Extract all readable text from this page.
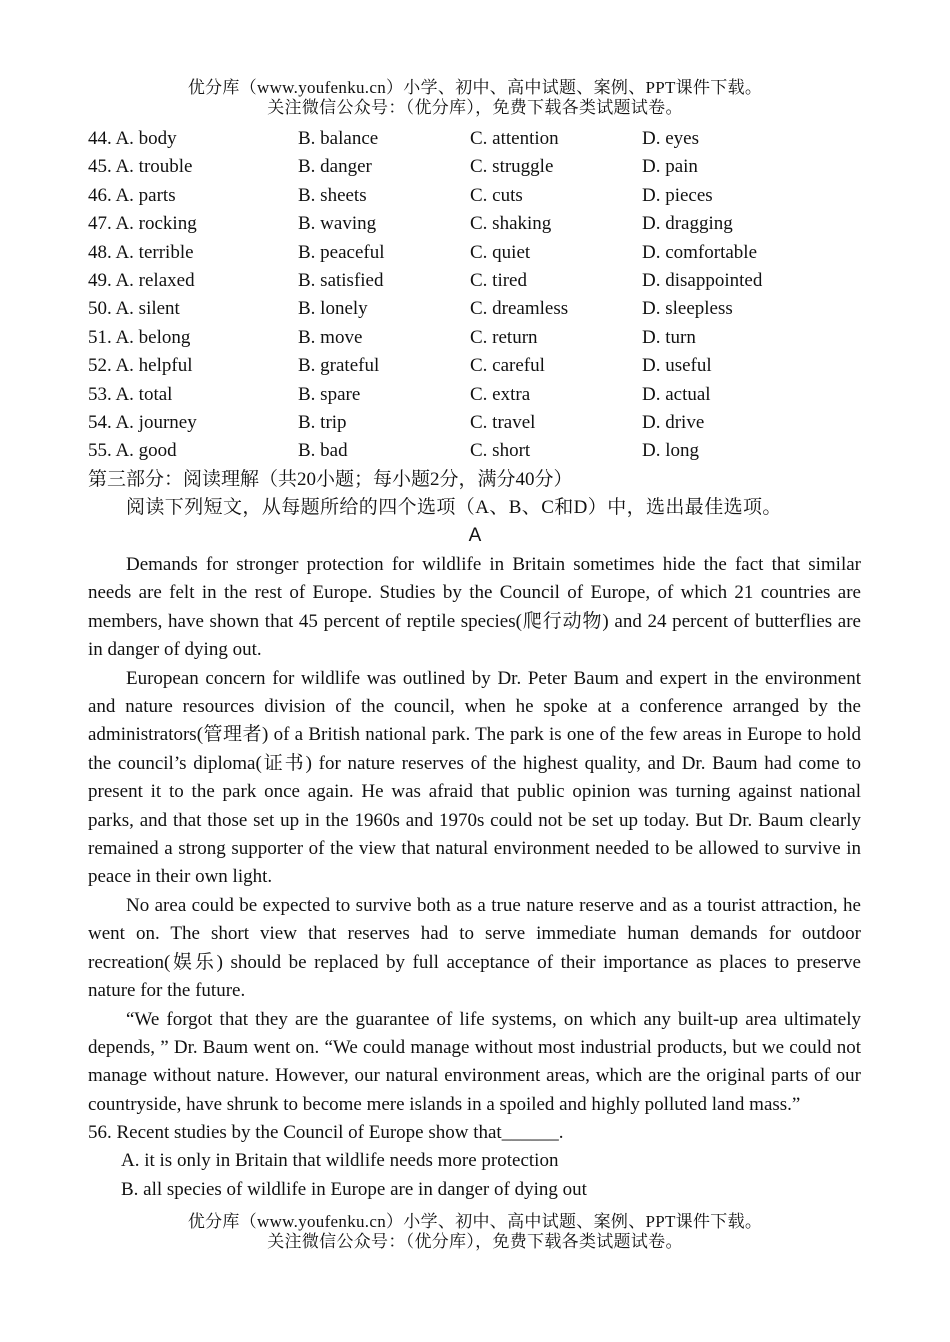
优分库（www.youfenku.cn）小学、初中、高中试题、案例、PPT课件下载。
关注微信公众号：（优分库），免费下载各类试题试卷。
44. A. body	B. balance	C. attention	D. eyes
45. A. trouble	B. danger	C. struggle	D. pain
46. A. parts	B. sheets	C. cuts	D. pieces
47. A. rocking	B. waving	C. shaking	D. dragging
48. A. terrible	B. peaceful	C. quiet	D. comfortable
49. A. relaxed	B. satisfied	C. tired	D. disappointed
50. A. silent	B. lonely	C. dreamless	D. sleepless
51. A. belong	B. move	C. return	D. turn
52. A. helpful	B. grateful	C. careful	D. useful
53. A. total	B. spare	C. extra	D. actual
54. A. journey	B. trip	C. travel	D. drive
55. A. good	B. bad	C. short	D. long
第三部分：阅读理解（共20小题；每小题2分，满分40分）
阅读下列短文，从每题所给的四个选项（A、B、C和D）中，选出最佳选项。
A

Demands for stronger protection for wildlife in Britain sometimes hide the fact that similar needs are felt in the rest of Europe. Studies by the Council of Europe, of which 21 countries are members, have shown that 45 percent of reptile species(爬行动物) and 24 percent of butterflies are in danger of dying out.

European concern for wildlife was outlined by Dr. Peter Baum and expert in the environment and nature resources division of the council, when he spoke at a conference arranged by the administrators(管理者) of a British national park. The park is one of the few areas in Europe to hold the council’s diploma(证书) for nature reserves of the highest quality, and Dr. Baum had come to present it to the park once again. He was afraid that public opinion was turning against national parks, and that those set up in the 1960s and 1970s could not be set up today. But Dr. Baum clearly remained a strong supporter of the view that natural environment needed to be allowed to survive in peace in their own light.

No area could be expected to survive both as a true nature reserve and as a tourist attraction, he went on. The short view that reserves had to serve immediate human demands for outdoor recreation(娱乐) should be replaced by full acceptance of their importance as places to preserve nature for the future.

“We forgot that they are the guarantee of life systems, on which any built-up area ultimately depends, ” Dr. Baum went on. “We could manage without most industrial products, but we could not manage without nature. However, our natural environment areas, which are the original parts of our countryside, have shrunk to become mere islands in a spoiled and highly polluted land mass.”

56. Recent studies by the Council of Europe show that______.
A. it is only in Britain that wildlife needs more protection
B. all species of wildlife in Europe are in danger of dying out
优分库（www.youfenku.cn）小学、初中、高中试题、案例、PPT课件下载。
关注微信公众号：（优分库），免费下载各类试题试卷。
